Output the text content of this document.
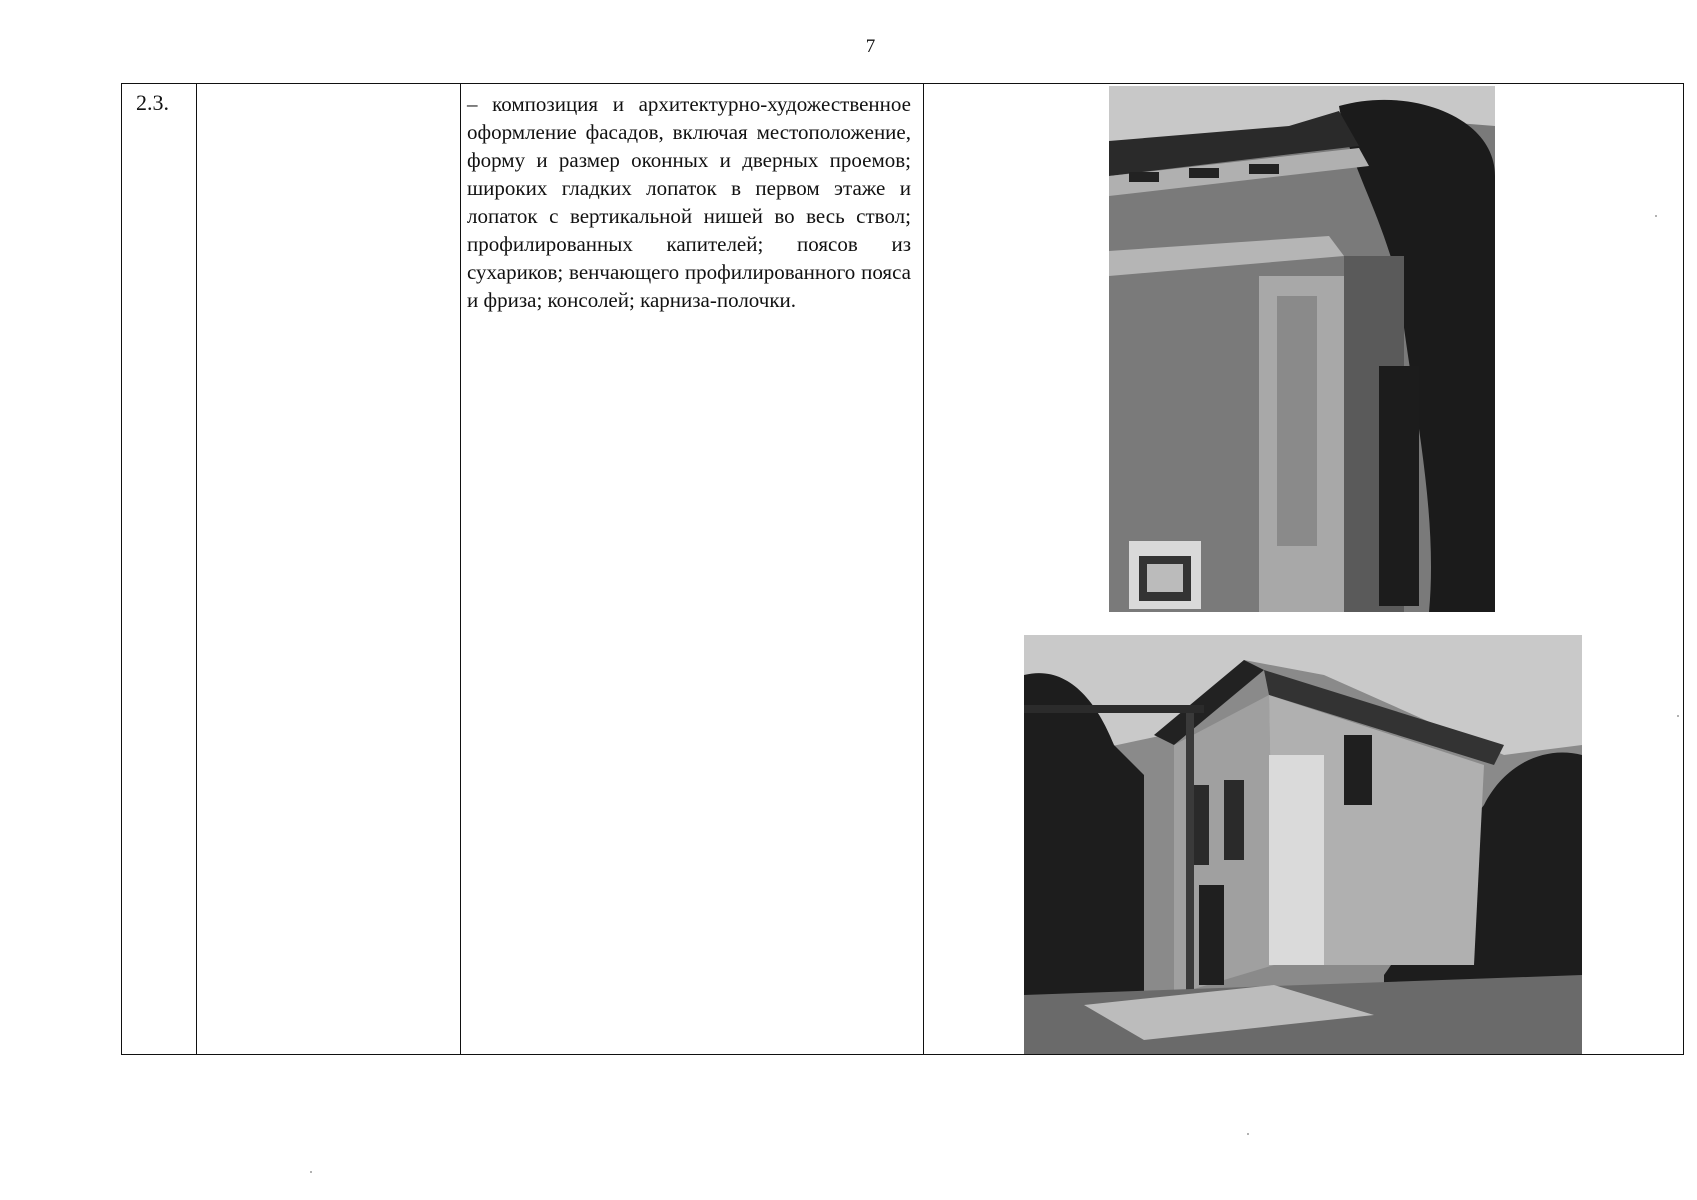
7
2.3.	– композиция и архитектурно-художественное оформление фасадов, включая местоположение, форму и размер оконных и дверных проемов; широких гладких лопаток в первом этаже и лопаток с вертикальной нишей во весь ствол; профилированных капителей; поясов из сухариков; венчающего профилированного пояса и фриза; консолей; карниза-полочки.
